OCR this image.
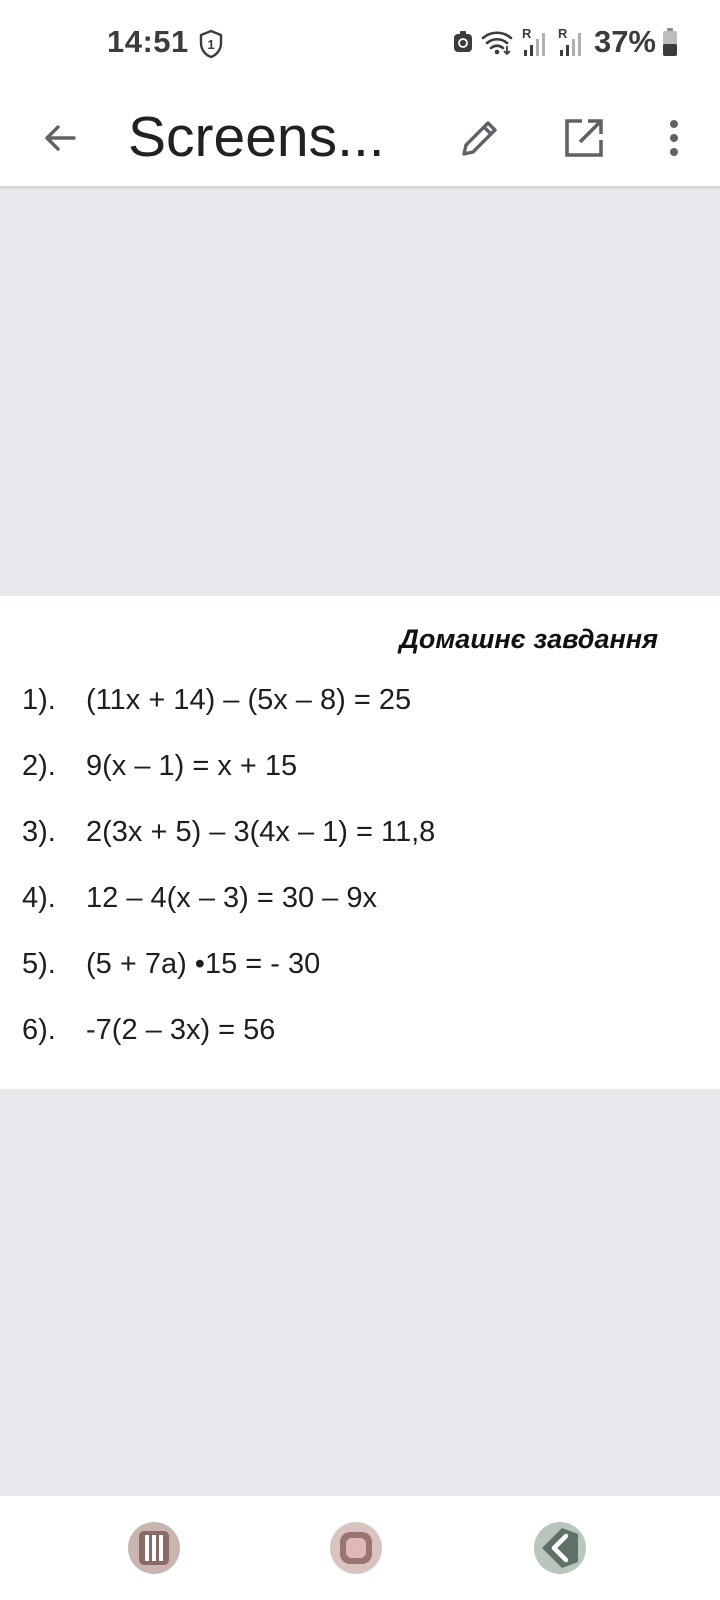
14:51 1
R R 37%
Screens...
Домашнє завдання
1). (11x + 14) – (5x – 8) = 25
2).9(x – 1) = x + 15
3). 2(3x + 5) – 3(4x – 1) = 11,8
4). 12 – 4(x – 3) = 30 – 9x
5). (5 + 7a) •15 = - 30
6). -7(2 – 3x) = 56
